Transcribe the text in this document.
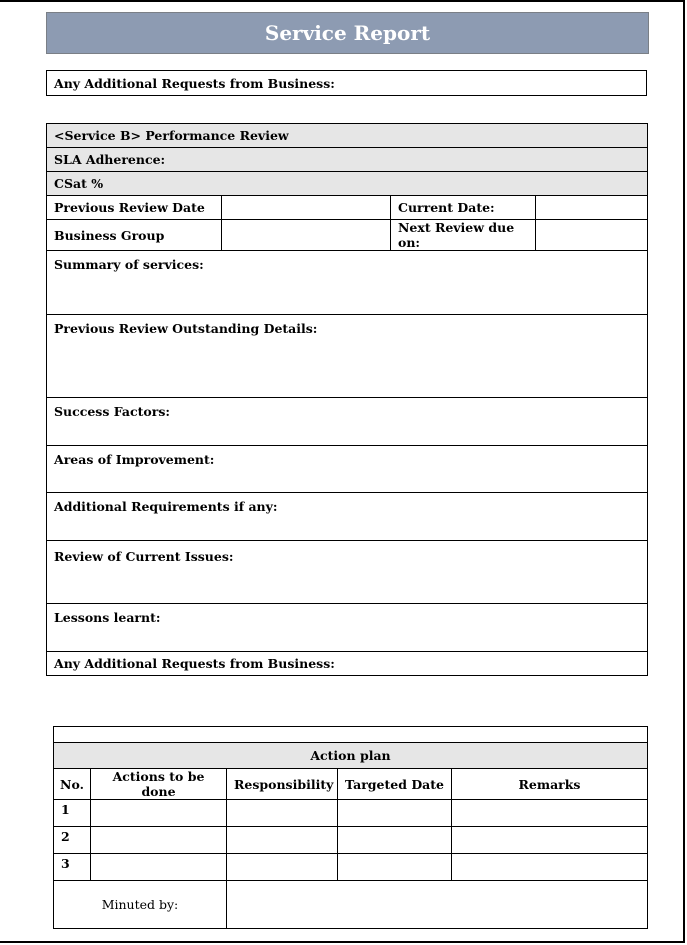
Service Report
Any Additional Requests from Business:
<Service B> Performance Review			
SLA Adherence:			
CSat %			
Previous Review Date		Current Date:	
Business Group		Next Review due on:	
Summary of services:			
Previous Review Outstanding Details:			
Success Factors:			
Areas of Improvement:			
Additional Requirements if any:			
Review of Current Issues:			
Lessons learnt:			
Any Additional Requests from Business:			

Action plan				
No.	Actions to be done	Responsibility	Targeted Date	Remarks
1				
2				
3				
Minuted by:				
